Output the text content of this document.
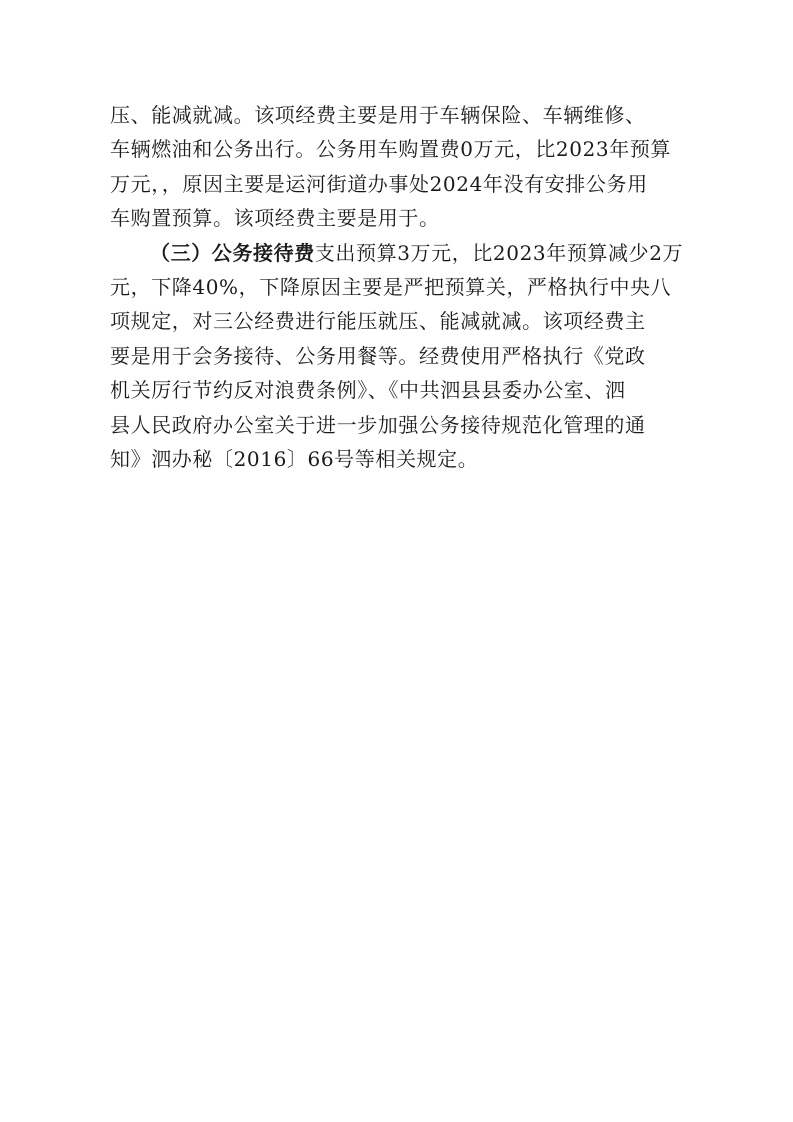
压、能减就减。该项经费主要是用于车辆保险、车辆维修、
车辆燃油和公务出行。公务用车购置费0万元，比2023年预算
万元，，原因主要是运河街道办事处2024年没有安排公务用
车购置预算。该项经费主要是用于。
（三）公务接待费支出预算3万元，比2023年预算减少2万
元，下降40%，下降原因主要是严把预算关，严格执行中央八
项规定，对三公经费进行能压就压、能减就减。该项经费主
要是用于会务接待、公务用餐等。经费使用严格执行《党政
机关厉行节约反对浪费条例》、《中共泗县县委办公室、泗
县人民政府办公室关于进一步加强公务接待规范化管理的通
知》泗办秘〔2016〕66号等相关规定。
